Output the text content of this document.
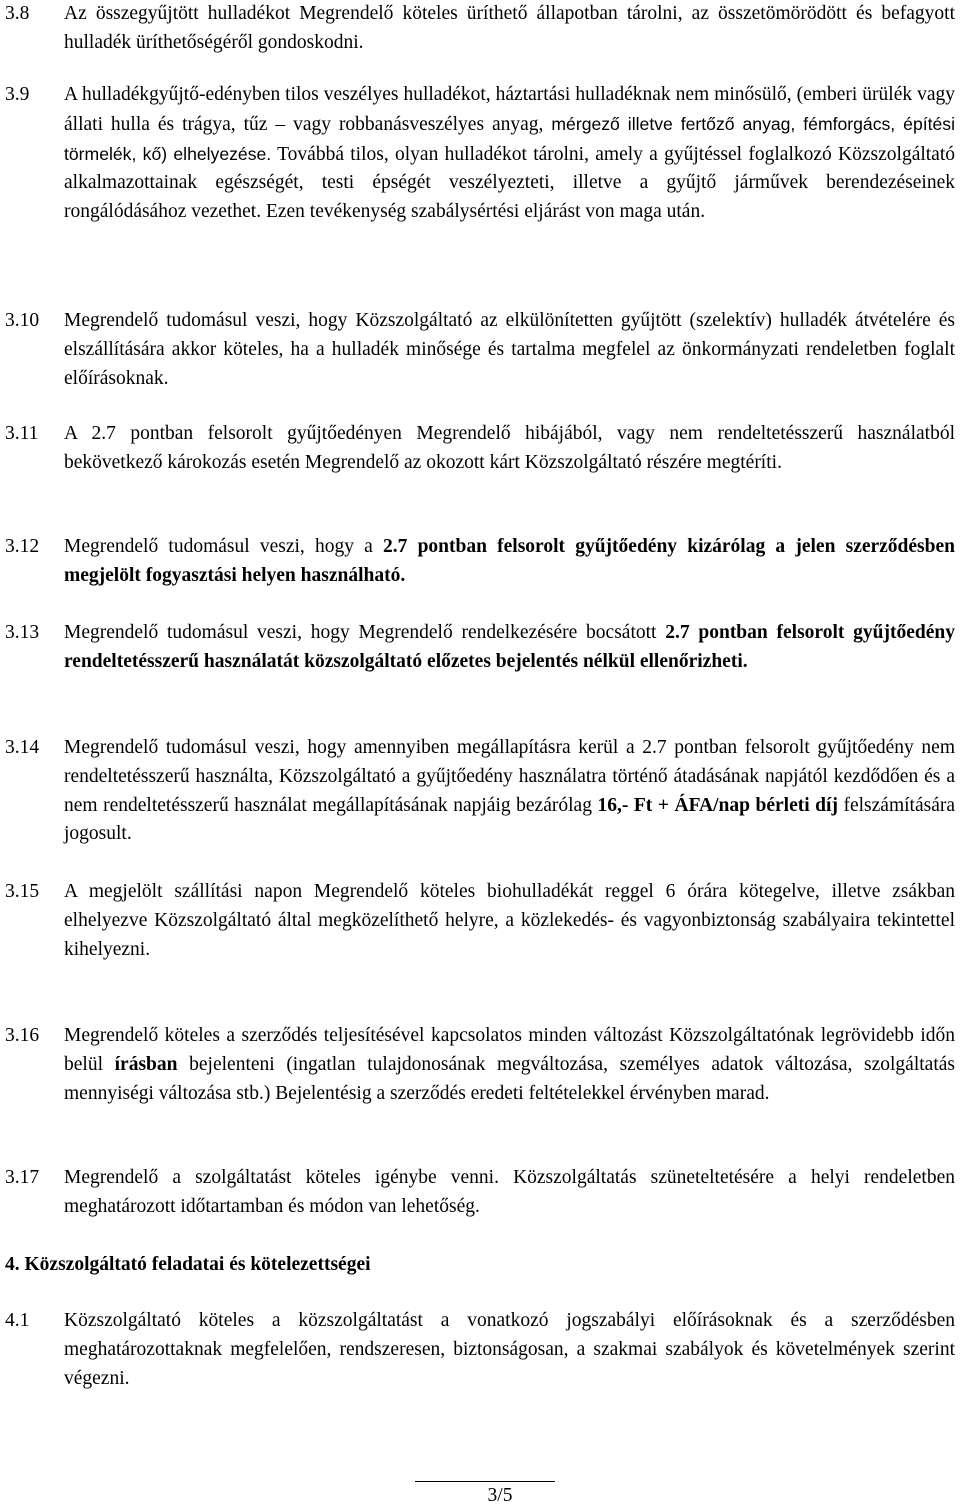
3.8	Az összegyűjtött hulladékot Megrendelő köteles üríthető állapotban tárolni, az összetömörödött és befagyott hulladék üríthetőségéről gondoskodni.
3.9	A hulladékgyűjtő-edényben tilos veszélyes hulladékot, háztartási hulladéknak nem minősülő, (emberi ürülék vagy állati hulla és trágya, tűz – vagy robbanásveszélyes anyag, mérgező illetve fertőző anyag, fémforgács, építési törmelék, kő) elhelyezése. Továbbá tilos, olyan hulladékot tárolni, amely a gyűjtéssel foglalkozó Közszolgáltató alkalmazottainak egészségét, testi épségét veszélyezteti, illetve a gyűjtő járművek berendezéseinek rongálódásához vezethet. Ezen tevékenység szabálysértési eljárást von maga után.
3.10	Megrendelő tudomásul veszi, hogy Közszolgáltató az elkülönítetten gyűjtött (szelektív) hulladék átvételére és elszállítására akkor köteles, ha a hulladék minősége és tartalma megfelel az önkormányzati rendeletben foglalt előírásoknak.
3.11	A 2.7 pontban felsorolt gyűjtőedényen Megrendelő hibájából, vagy nem rendeltetésszerű használatból bekövetkező károkozás esetén Megrendelő az okozott kárt Közszolgáltató részére megtéríti.
3.12	Megrendelő tudomásul veszi, hogy a 2.7 pontban felsorolt gyűjtőedény kizárólag a jelen szerződésben megjelölt fogyasztási helyen használható.
3.13	Megrendelő tudomásul veszi, hogy Megrendelő rendelkezésére bocsátott 2.7 pontban felsorolt gyűjtőedény rendeltetésszerű használatát közszolgáltató előzetes bejelentés nélkül ellenőrizheti.
3.14	Megrendelő tudomásul veszi, hogy amennyiben megállapításra kerül a 2.7 pontban felsorolt gyűjtőedény nem rendeltetésszerű használta, Közszolgáltató a gyűjtőedény használatra történő átadásának napjától kezdődően és a nem rendeltetésszerű használat megállapításának napjáig bezárólag 16,- Ft + ÁFA/nap bérleti díj felszámítására jogosult.
3.15	A megjelölt szállítási napon Megrendelő köteles biohulladékát reggel 6 órára kötegelve, illetve zsákban elhelyezve Közszolgáltató által megközelíthető helyre, a közlekedés- és vagyonbiztonság szabályaira tekintettel kihelyezni.
3.16	Megrendelő köteles a szerződés teljesítésével kapcsolatos minden változást Közszolgáltatónak legrövidebb időn belül írásban bejelenteni (ingatlan tulajdonosának megváltozása, személyes adatok változása, szolgáltatás mennyiségi változása stb.) Bejelentésig a szerződés eredeti feltételekkel érvényben marad.
3.17	Megrendelő a szolgáltatást köteles igénybe venni. Közszolgáltatás szüneteltetésére a helyi rendeletben meghatározott időtartamban és módon van lehetőség.
4. Közszolgáltató feladatai és kötelezettségei
4.1	Közszolgáltató köteles a közszolgáltatást a vonatkozó jogszabályi előírásoknak és a szerződésben meghatározottaknak megfelelően, rendszeresen, biztonságosan, a szakmai szabályok és követelmények szerint végezni.
3/5
